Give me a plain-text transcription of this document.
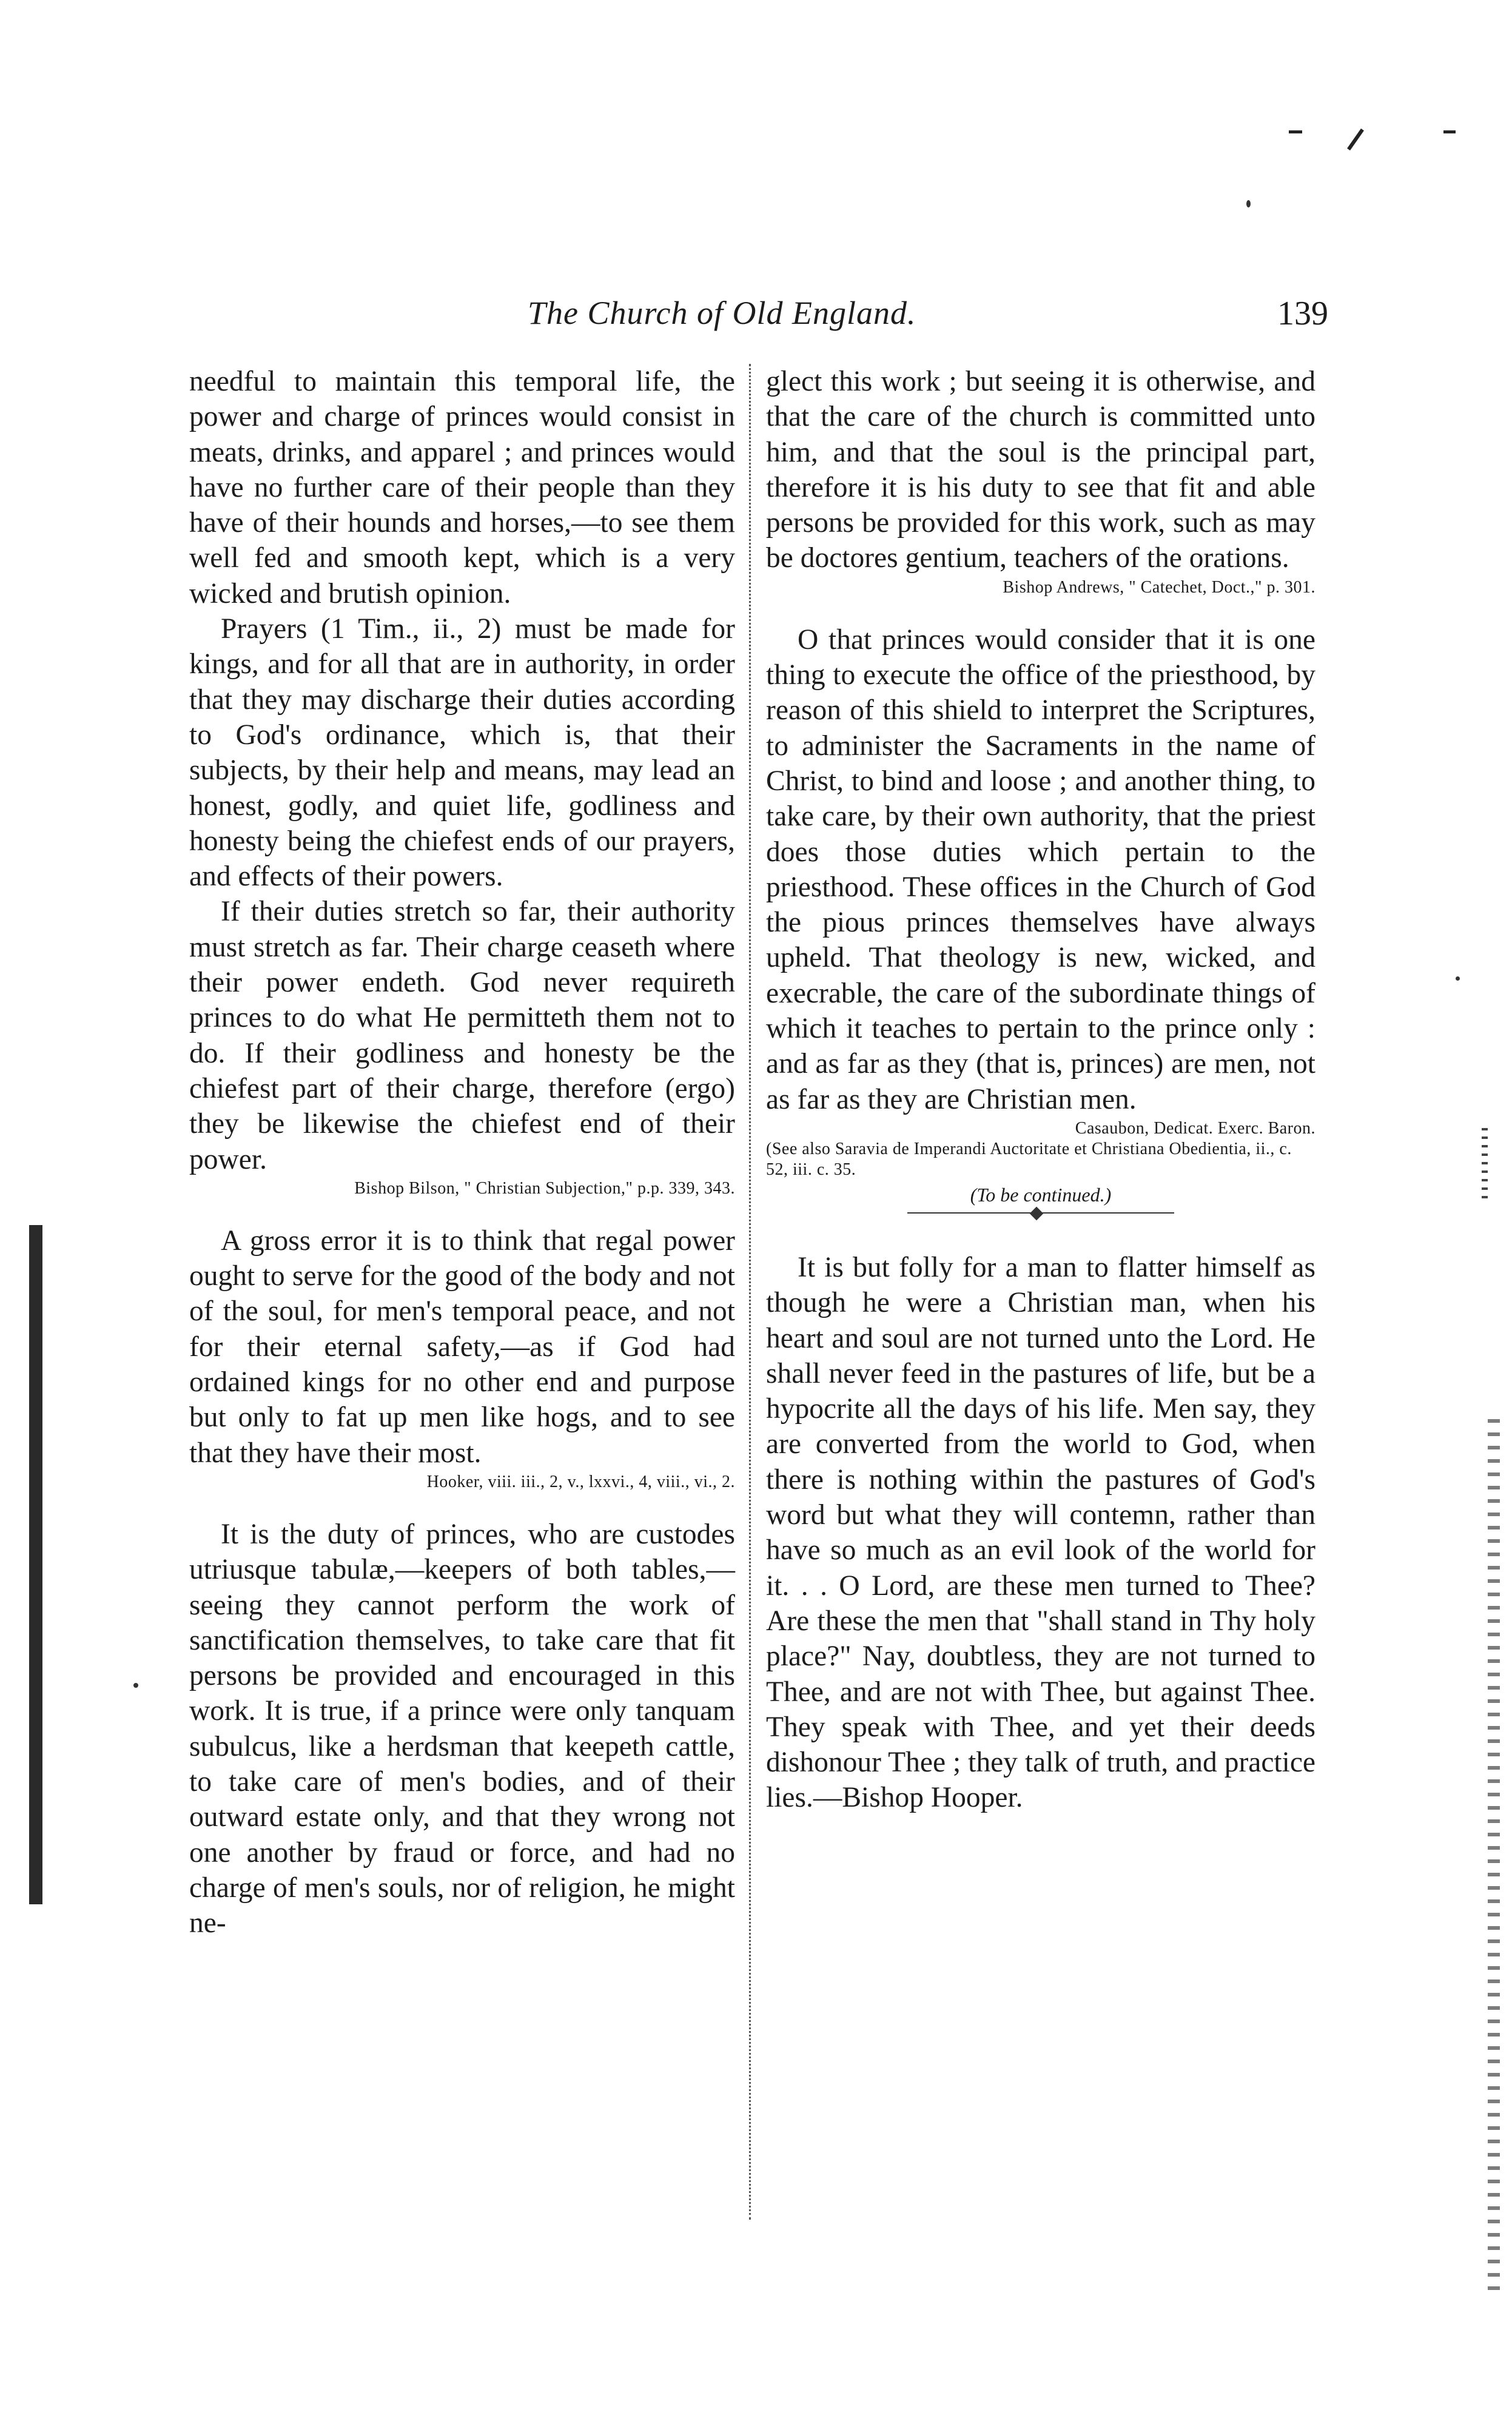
The Church of Old England.	139

needful to maintain this temporal life, the power and charge of princes would consist in meats, drinks, and apparel ; and princes would have no further care of their people than they have of their hounds and horses,—to see them well fed and smooth kept, which is a very wicked and brutish opinion.

Prayers (1 Tim., ii., 2) must be made for kings, and for all that are in authority, in order that they may discharge their duties according to God's ordinance, which is, that their subjects, by their help and means, may lead an honest, godly, and quiet life, godliness and honesty being the chiefest ends of our prayers, and effects of their powers.

If their duties stretch so far, their authority must stretch as far. Their charge ceaseth where their power endeth. God never requireth princes to do what He permitteth them not to do. If their godliness and honesty be the chiefest part of their charge, therefore (ergo) they be likewise the chiefest end of their power.

Bishop Bilson, " Christian Subjection," p.p. 339, 343.

A gross error it is to think that regal power ought to serve for the good of the body and not of the soul, for men's temporal peace, and not for their eternal safety,—as if God had ordained kings for no other end and purpose but only to fat up men like hogs, and to see that they have their most.

Hooker, viii. iii., 2, v., lxxvi., 4, viii., vi., 2.

It is the duty of princes, who are custodes utriusque tabulæ,—keepers of both tables,—seeing they cannot perform the work of sanctification themselves, to take care that fit persons be provided and encouraged in this work. It is true, if a prince were only tanquam subulcus, like a herdsman that keepeth cattle, to take care of men's bodies, and of their outward estate only, and that they wrong not one another by fraud or force, and had no charge of men's souls, nor of religion, he might ne-

glect this work ; but seeing it is otherwise, and that the care of the church is committed unto him, and that the soul is the principal part, therefore it is his duty to see that fit and able persons be provided for this work, such as may be doctores gentium, teachers of the orations.

Bishop Andrews, " Catechet, Doct.," p. 301.

O that princes would consider that it is one thing to execute the office of the priesthood, by reason of this shield to interpret the Scriptures, to administer the Sacraments in the name of Christ, to bind and loose ; and another thing, to take care, by their own authority, that the priest does those duties which pertain to the priesthood. These offices in the Church of God the pious princes themselves have always upheld. That theology is new, wicked, and execrable, the care of the subordinate things of which it teaches to pertain to the prince only : and as far as they (that is, princes) are men, not as far as they are Christian men.

Casaubon, Dedicat. Exerc. Baron.
(See also Saravia de Imperandi Auctoritate et Christiana Obedientia, ii., c. 52, iii. c. 35.
(To be continued.)

It is but folly for a man to flatter himself as though he were a Christian man, when his heart and soul are not turned unto the Lord. He shall never feed in the pastures of life, but be a hypocrite all the days of his life. Men say, they are converted from the world to God, when there is nothing within the pastures of God's word but what they will contemn, rather than have so much as an evil look of the world for it. . . O Lord, are these men turned to Thee? Are these the men that "shall stand in Thy holy place?" Nay, doubtless, they are not turned to Thee, and are not with Thee, but against Thee. They speak with Thee, and yet their deeds dishonour Thee ; they talk of truth, and practice lies.—Bishop Hooper.
